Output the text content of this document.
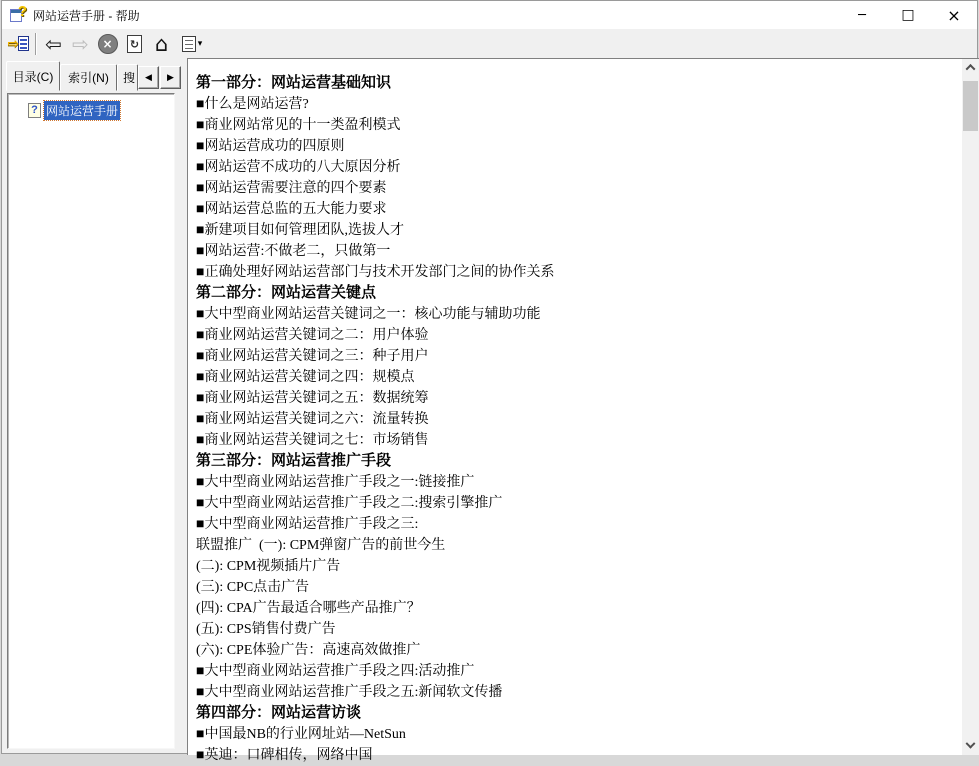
? 网站运营手册 - 帮助	─	□	×
⇨ ⇦ ⇨	×	↻ ⌂	▾
目录(C)	索引(N)	搜	◀	▶
? 网站运营手册
第一部分：网站运营基础知识
■什么是网站运营?
■商业网站常见的十一类盈利模式
■网站运营成功的四原则
■网站运营不成功的八大原因分析
■网站运营需要注意的四个要素
■网站运营总监的五大能力要求
■新建项目如何管理团队,选拔人才
■网站运营:不做老二，只做第一
■正确处理好网站运营部门与技术开发部门之间的协作关系
第二部分：网站运营关键点
■大中型商业网站运营关键词之一：核心功能与辅助功能
■商业网站运营关键词之二：用户体验
■商业网站运营关键词之三：种子用户
■商业网站运营关键词之四：规模点
■商业网站运营关键词之五：数据统筹
■商业网站运营关键词之六：流量转换
■商业网站运营关键词之七：市场销售
第三部分：网站运营推广手段
■大中型商业网站运营推广手段之一:链接推广
■大中型商业网站运营推广手段之二:搜索引擎推广
■大中型商业网站运营推广手段之三:
联盟推广  (一): CPM弹窗广告的前世今生
(二): CPM视频插片广告
(三): CPC点击广告
(四): CPA广告最适合哪些产品推广？
(五): CPS销售付费广告
(六): CPE体验广告：高速高效做推广
■大中型商业网站运营推广手段之四:活动推广
■大中型商业网站运营推广手段之五:新闻软文传播
第四部分：网站运营访谈
■中国最NB的行业网址站—NetSun
■英迪：口碑相传，网络中国
